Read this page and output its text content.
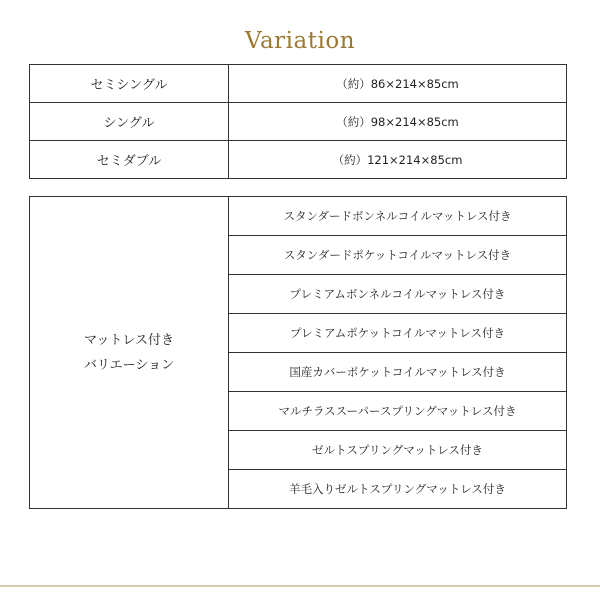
Variation
セミシングル	（約）86×214×85cm
シングル	（約）98×214×85cm
セミダブル	（約）121×214×85cm
マットレス付き
バリエーション
	スタンダードボンネルコイルマットレス付き
スタンダードポケットコイルマットレス付き
プレミアムボンネルコイルマットレス付き
プレミアムポケットコイルマットレス付き
国産カバーポケットコイルマットレス付き
マルチラススーパースプリングマットレス付き
ゼルトスプリングマットレス付き
羊毛入りゼルトスプリングマットレス付き
